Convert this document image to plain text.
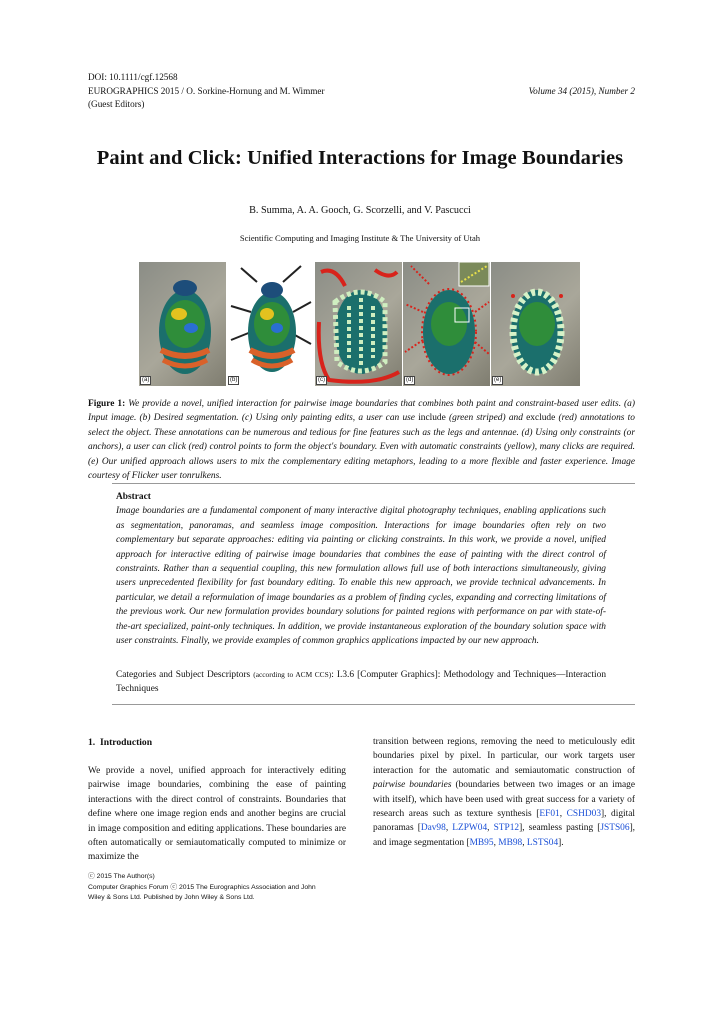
DOI: 10.1111/cgf.12568
EUROGRAPHICS 2015 / O. Sorkine-Hornung and M. Wimmer
(Guest Editors)
Volume 34 (2015), Number 2
Paint and Click: Unified Interactions for Image Boundaries
B. Summa, A. A. Gooch, G. Scorzelli, and V. Pascucci
Scientific Computing and Imaging Institute & The University of Utah
(a)	(b)	(c)	(d)	(e)
Figure 1: We provide a novel, unified interaction for pairwise image boundaries that combines both paint and constraint-based user edits. (a) Input image. (b) Desired segmentation. (c) Using only painting edits, a user can use include (green striped) and exclude (red) annotations to select the object. These annotations can be numerous and tedious for fine features such as the legs and antennae. (d) Using only constraints (or anchors), a user can click (red) control points to form the object's boundary. Even with automatic constraints (yellow), many clicks are required. (e) Our unified approach allows users to mix the complementary editing metaphors, leading to a more flexible and faster experience. Image courtesy of Flicker user tonrulkens.
Abstract
Image boundaries are a fundamental component of many interactive digital photography techniques, enabling applications such as segmentation, panoramas, and seamless image composition. Interactions for image boundaries often rely on two complementary but separate approaches: editing via painting or clicking constraints. In this work, we provide a novel, unified approach for interactive editing of pairwise image boundaries that combines the ease of painting with the direct control of constraints. Rather than a sequential coupling, this new formulation allows full use of both interactions simultaneously, giving users unprecedented flexibility for fast boundary editing. To enable this new approach, we provide technical advancements. In particular, we detail a reformulation of image boundaries as a problem of finding cycles, expanding and correcting limitations of the previous work. Our new formulation provides boundary solutions for painted regions with performance on par with state-of-the-art specialized, paint-only techniques. In addition, we provide instantaneous exploration of the boundary solution space with user constraints. Finally, we provide examples of common graphics applications impacted by our new approach.
Categories and Subject Descriptors (according to ACM CCS): I.3.6 [Computer Graphics]: Methodology and Techniques—Interaction Techniques
1. Introduction
We provide a novel, unified approach for interactively editing pairwise image boundaries, combining the ease of painting interactions with the direct control of constraints. Boundaries that define where one image region ends and another begins are crucial in image composition and editing applications. These boundaries are often automatically or semiautomatically computed to minimize or maximize the
transition between regions, removing the need to meticulously edit boundaries pixel by pixel. In particular, our work targets user interaction for the automatic and semiautomatic construction of pairwise boundaries (boundaries between two images or an image with itself), which have been used with great success for a variety of research areas such as texture synthesis [EF01, CSHD03], digital panoramas [Dav98, LZPW04, STP12], seamless pasting [JSTS06], and image segmentation [MB95, MB98, LSTS04].
ⓒ 2015 The Author(s)
Computer Graphics Forum ⓒ 2015 The Eurographics Association and John
Wiley & Sons Ltd. Published by John Wiley & Sons Ltd.
